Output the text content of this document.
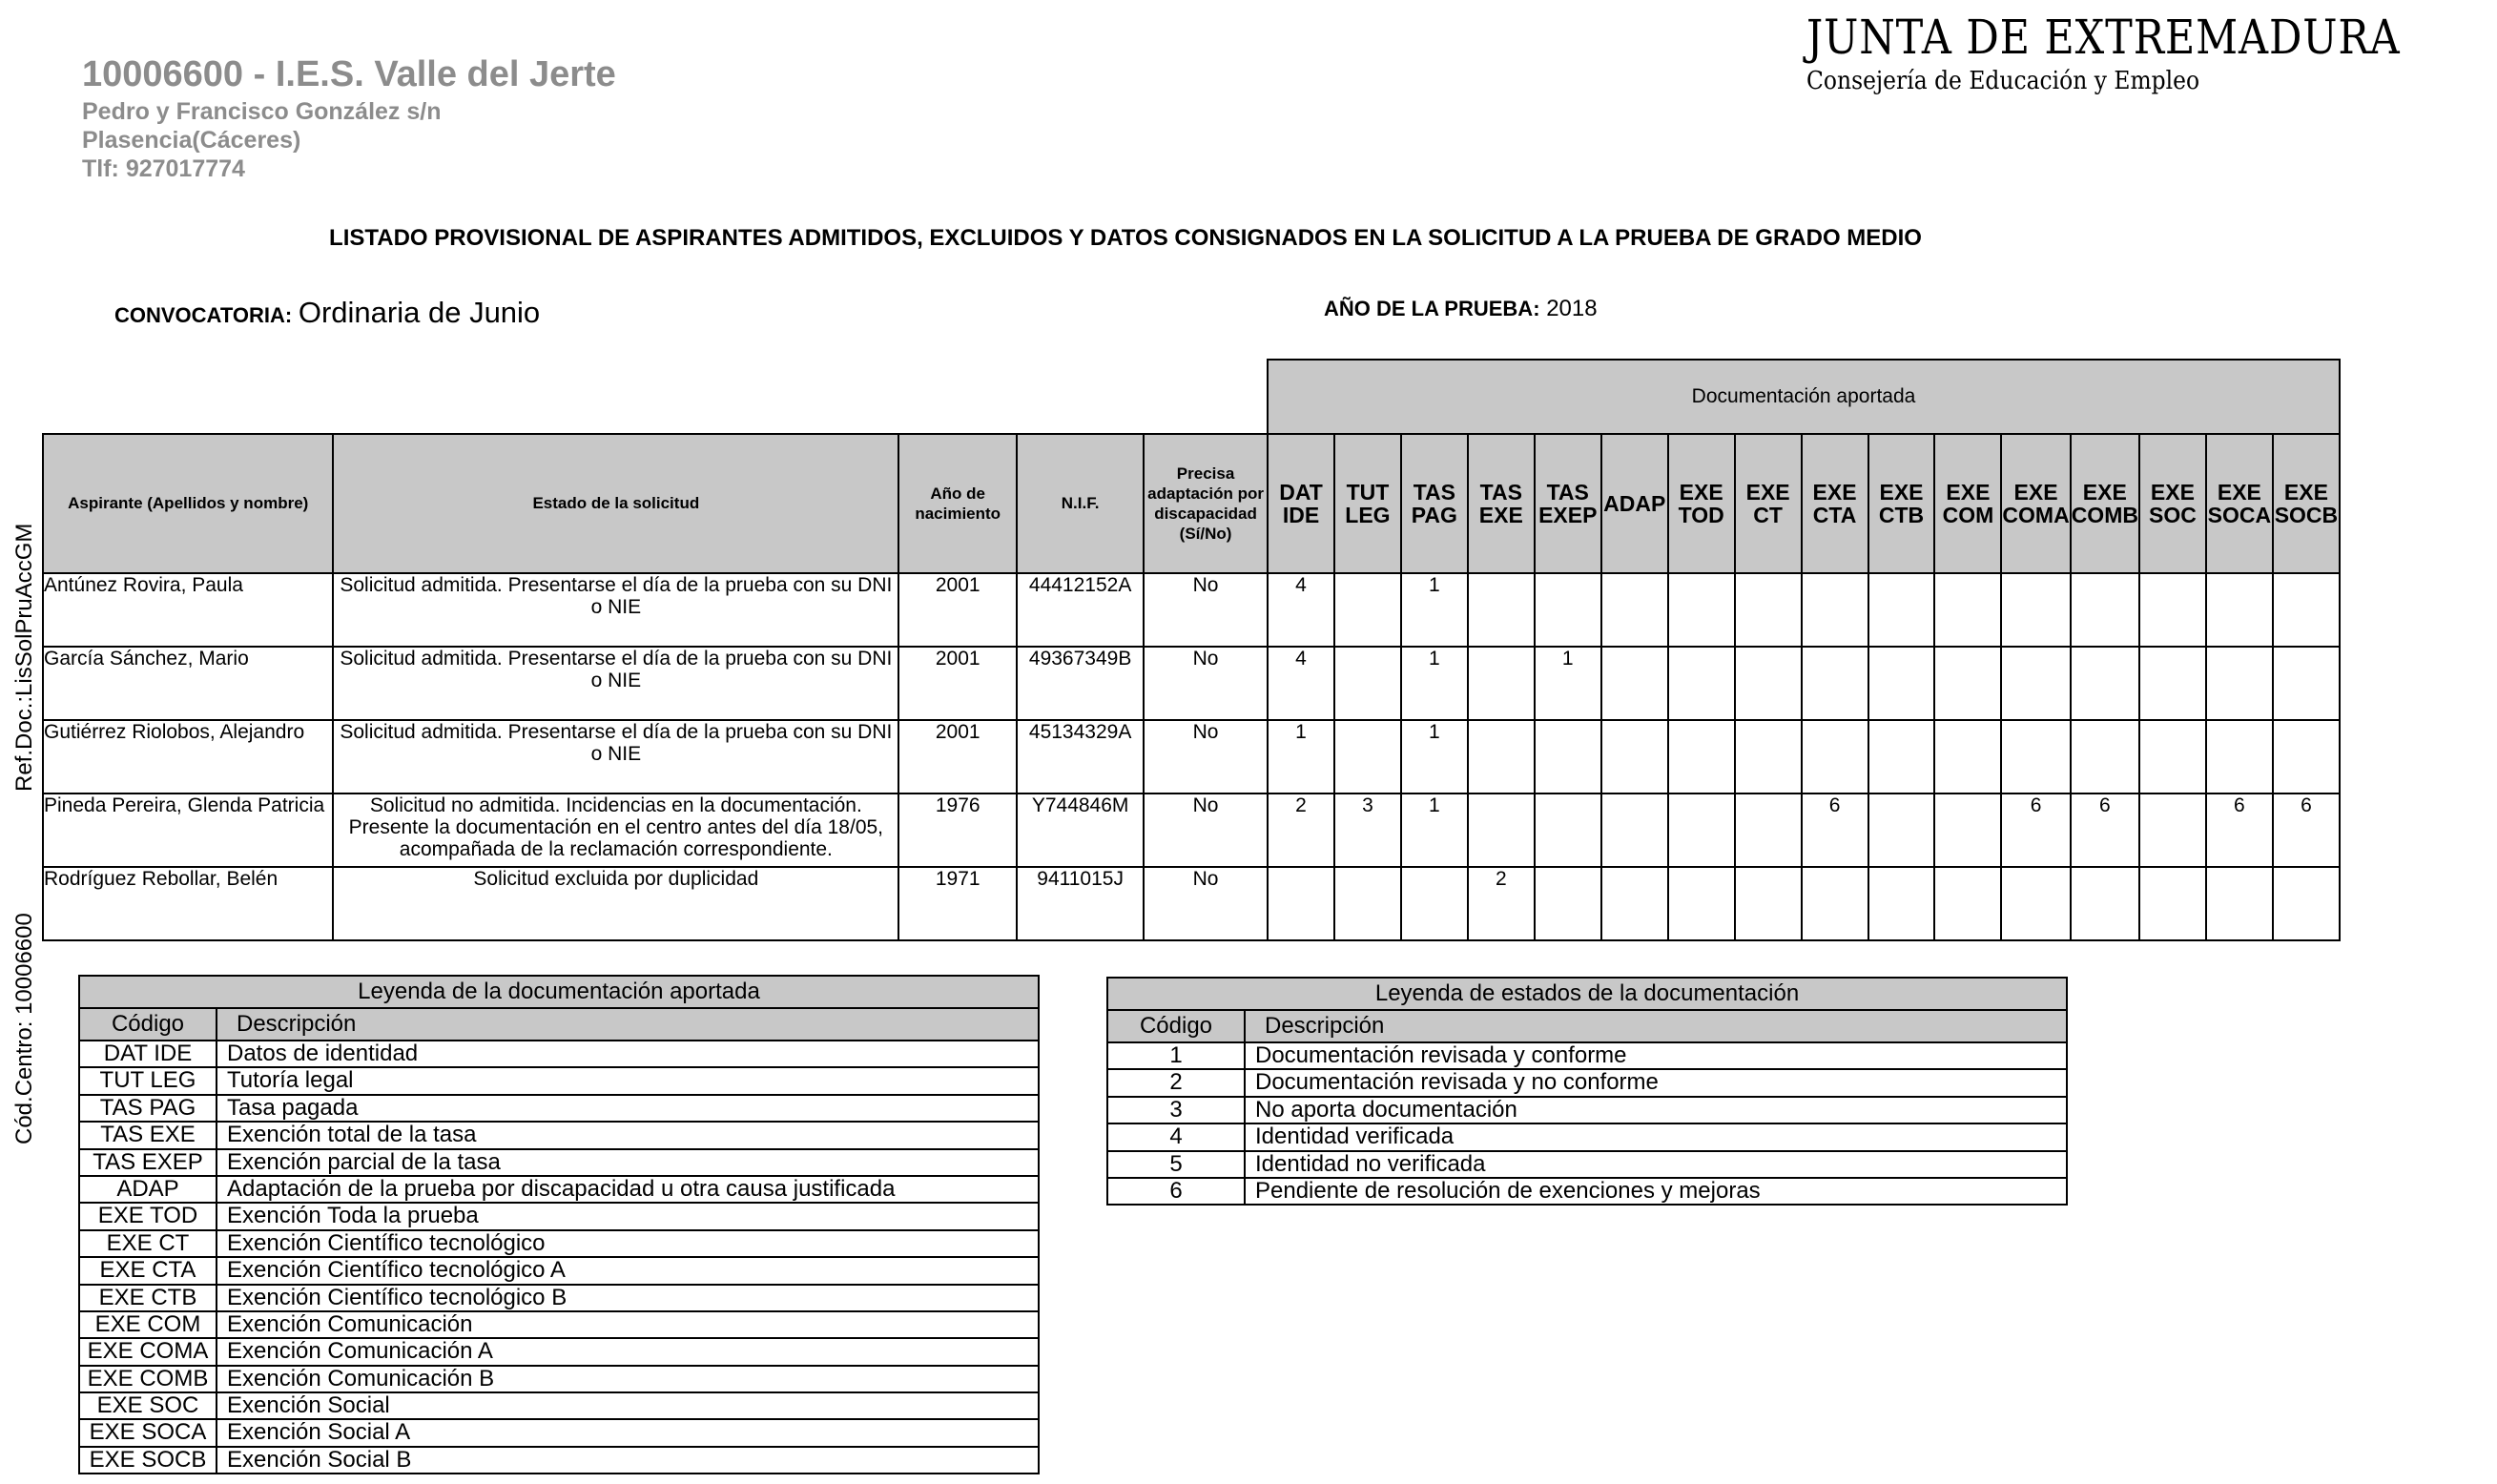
10006600 - I.E.S. Valle del Jerte
Pedro y Francisco González s/n
Plasencia(Cáceres)
Tlf: 927017774
JUNTA DE EXTREMADURA
Consejería de Educación y Empleo
LISTADO PROVISIONAL DE ASPIRANTES ADMITIDOS, EXCLUIDOS Y DATOS CONSIGNADOS EN LA SOLICITUD A LA PRUEBA DE GRADO MEDIO
CONVOCATORIA: Ordinaria de Junio	AÑO DE LA PRUEBA: 2018
Ref.Doc.:LisSolPruAccGM
Cód.Centro: 10006600
					Documentación aportada															
Aspirante (Apellidos y nombre)	Estado de la solicitud	Año de nacimiento	N.I.F.	Precisa adaptación por discapacidad (Sí/No)	DAT IDE	TUT LEG	TAS PAG	TAS EXE	TAS EXEP	ADAP	EXE TOD	EXE CT	EXE CTA	EXE CTB	EXE COM	EXE COMA	EXE COMB	EXE SOC	EXE SOCA	EXE SOCB
Antúnez Rovira, Paula	Solicitud admitida. Presentarse el día de la prueba con su DNI o NIE	2001	44412152A	No	4		1													
García Sánchez, Mario	Solicitud admitida. Presentarse el día de la prueba con su DNI o NIE	2001	49367349B	No	4		1		1											
Gutiérrez Riolobos, Alejandro	Solicitud admitida. Presentarse el día de la prueba con su DNI o NIE	2001	45134329A	No	1		1													
Pineda Pereira, Glenda Patricia	Solicitud no admitida. Incidencias en la documentación. Presente la documentación en el centro antes del día 18/05, acompañada de la reclamación correspondiente.	1976	Y744846M	No	2	3	1						6			6	6		6	6
Rodríguez Rebollar, Belén	Solicitud excluida por duplicidad	1971	9411015J	No				2												
Leyenda de la documentación aportada	
Código	Descripción
DAT IDE	Datos de identidad
TUT LEG	Tutoría legal
TAS PAG	Tasa pagada
TAS EXE	Exención total de la tasa
TAS EXEP	Exención parcial de la tasa
ADAP	Adaptación de la prueba por discapacidad u otra causa justificada
EXE TOD	Exención Toda la prueba
EXE CT	Exención Científico tecnológico
EXE CTA	Exención Científico tecnológico A
EXE CTB	Exención Científico tecnológico B
EXE COM	Exención Comunicación
EXE COMA	Exención Comunicación A
EXE COMB	Exención Comunicación B
EXE SOC	Exención Social
EXE SOCA	Exención Social A
EXE SOCB	Exención Social B
Leyenda de estados de la documentación	
Código	Descripción
1	Documentación revisada y conforme
2	Documentación revisada y no conforme
3	No aporta documentación
4	Identidad verificada
5	Identidad no verificada
6	Pendiente de resolución de exenciones y mejoras
